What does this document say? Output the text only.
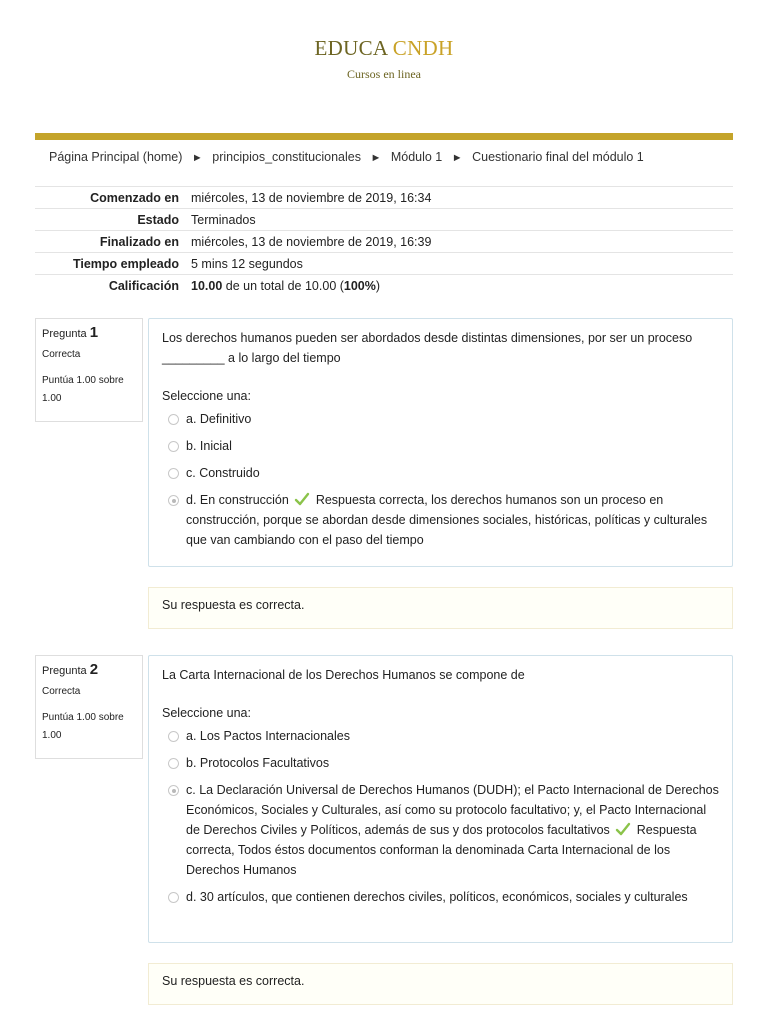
EDUCA CNDH
Cursos en linea
Página Principal (home) ► principios_constitucionales ► Módulo 1 ► Cuestionario final del módulo 1
Comenzado en	miércoles, 13 de noviembre de 2019, 16:34
Estado	Terminados
Finalizado en	miércoles, 13 de noviembre de 2019, 16:39
Tiempo empleado	5 mins 12 segundos
Calificación	10.00 de un total de 10.00 (100%)
Pregunta 1
Correcta
Puntúa 1.00 sobre 1.00
Los derechos humanos pueden ser abordados desde distintas dimensiones, por ser un proceso _________ a lo largo del tiempo
Seleccione una:
a. Definitivo
b. Inicial
c. Construido
d. En construcción Respuesta correcta, los derechos humanos son un proceso en construcción, porque se abordan desde dimensiones sociales, históricas, políticas y culturales que van cambiando con el paso del tiempo
Su respuesta es correcta.
Pregunta 2
Correcta
Puntúa 1.00 sobre 1.00
La Carta Internacional de los Derechos Humanos se compone de
Seleccione una:
a. Los Pactos Internacionales
b. Protocolos Facultativos
c. La Declaración Universal de Derechos Humanos (DUDH); el Pacto Internacional de Derechos Económicos, Sociales y Culturales, así como su protocolo facultativo; y, el Pacto Internacional de Derechos Civiles y Políticos, además de sus y dos protocolos facultativos Respuesta correcta, Todos éstos documentos conforman la denominada Carta Internacional de los Derechos Humanos
d. 30 artículos, que contienen derechos civiles, políticos, económicos, sociales y culturales
Su respuesta es correcta.
